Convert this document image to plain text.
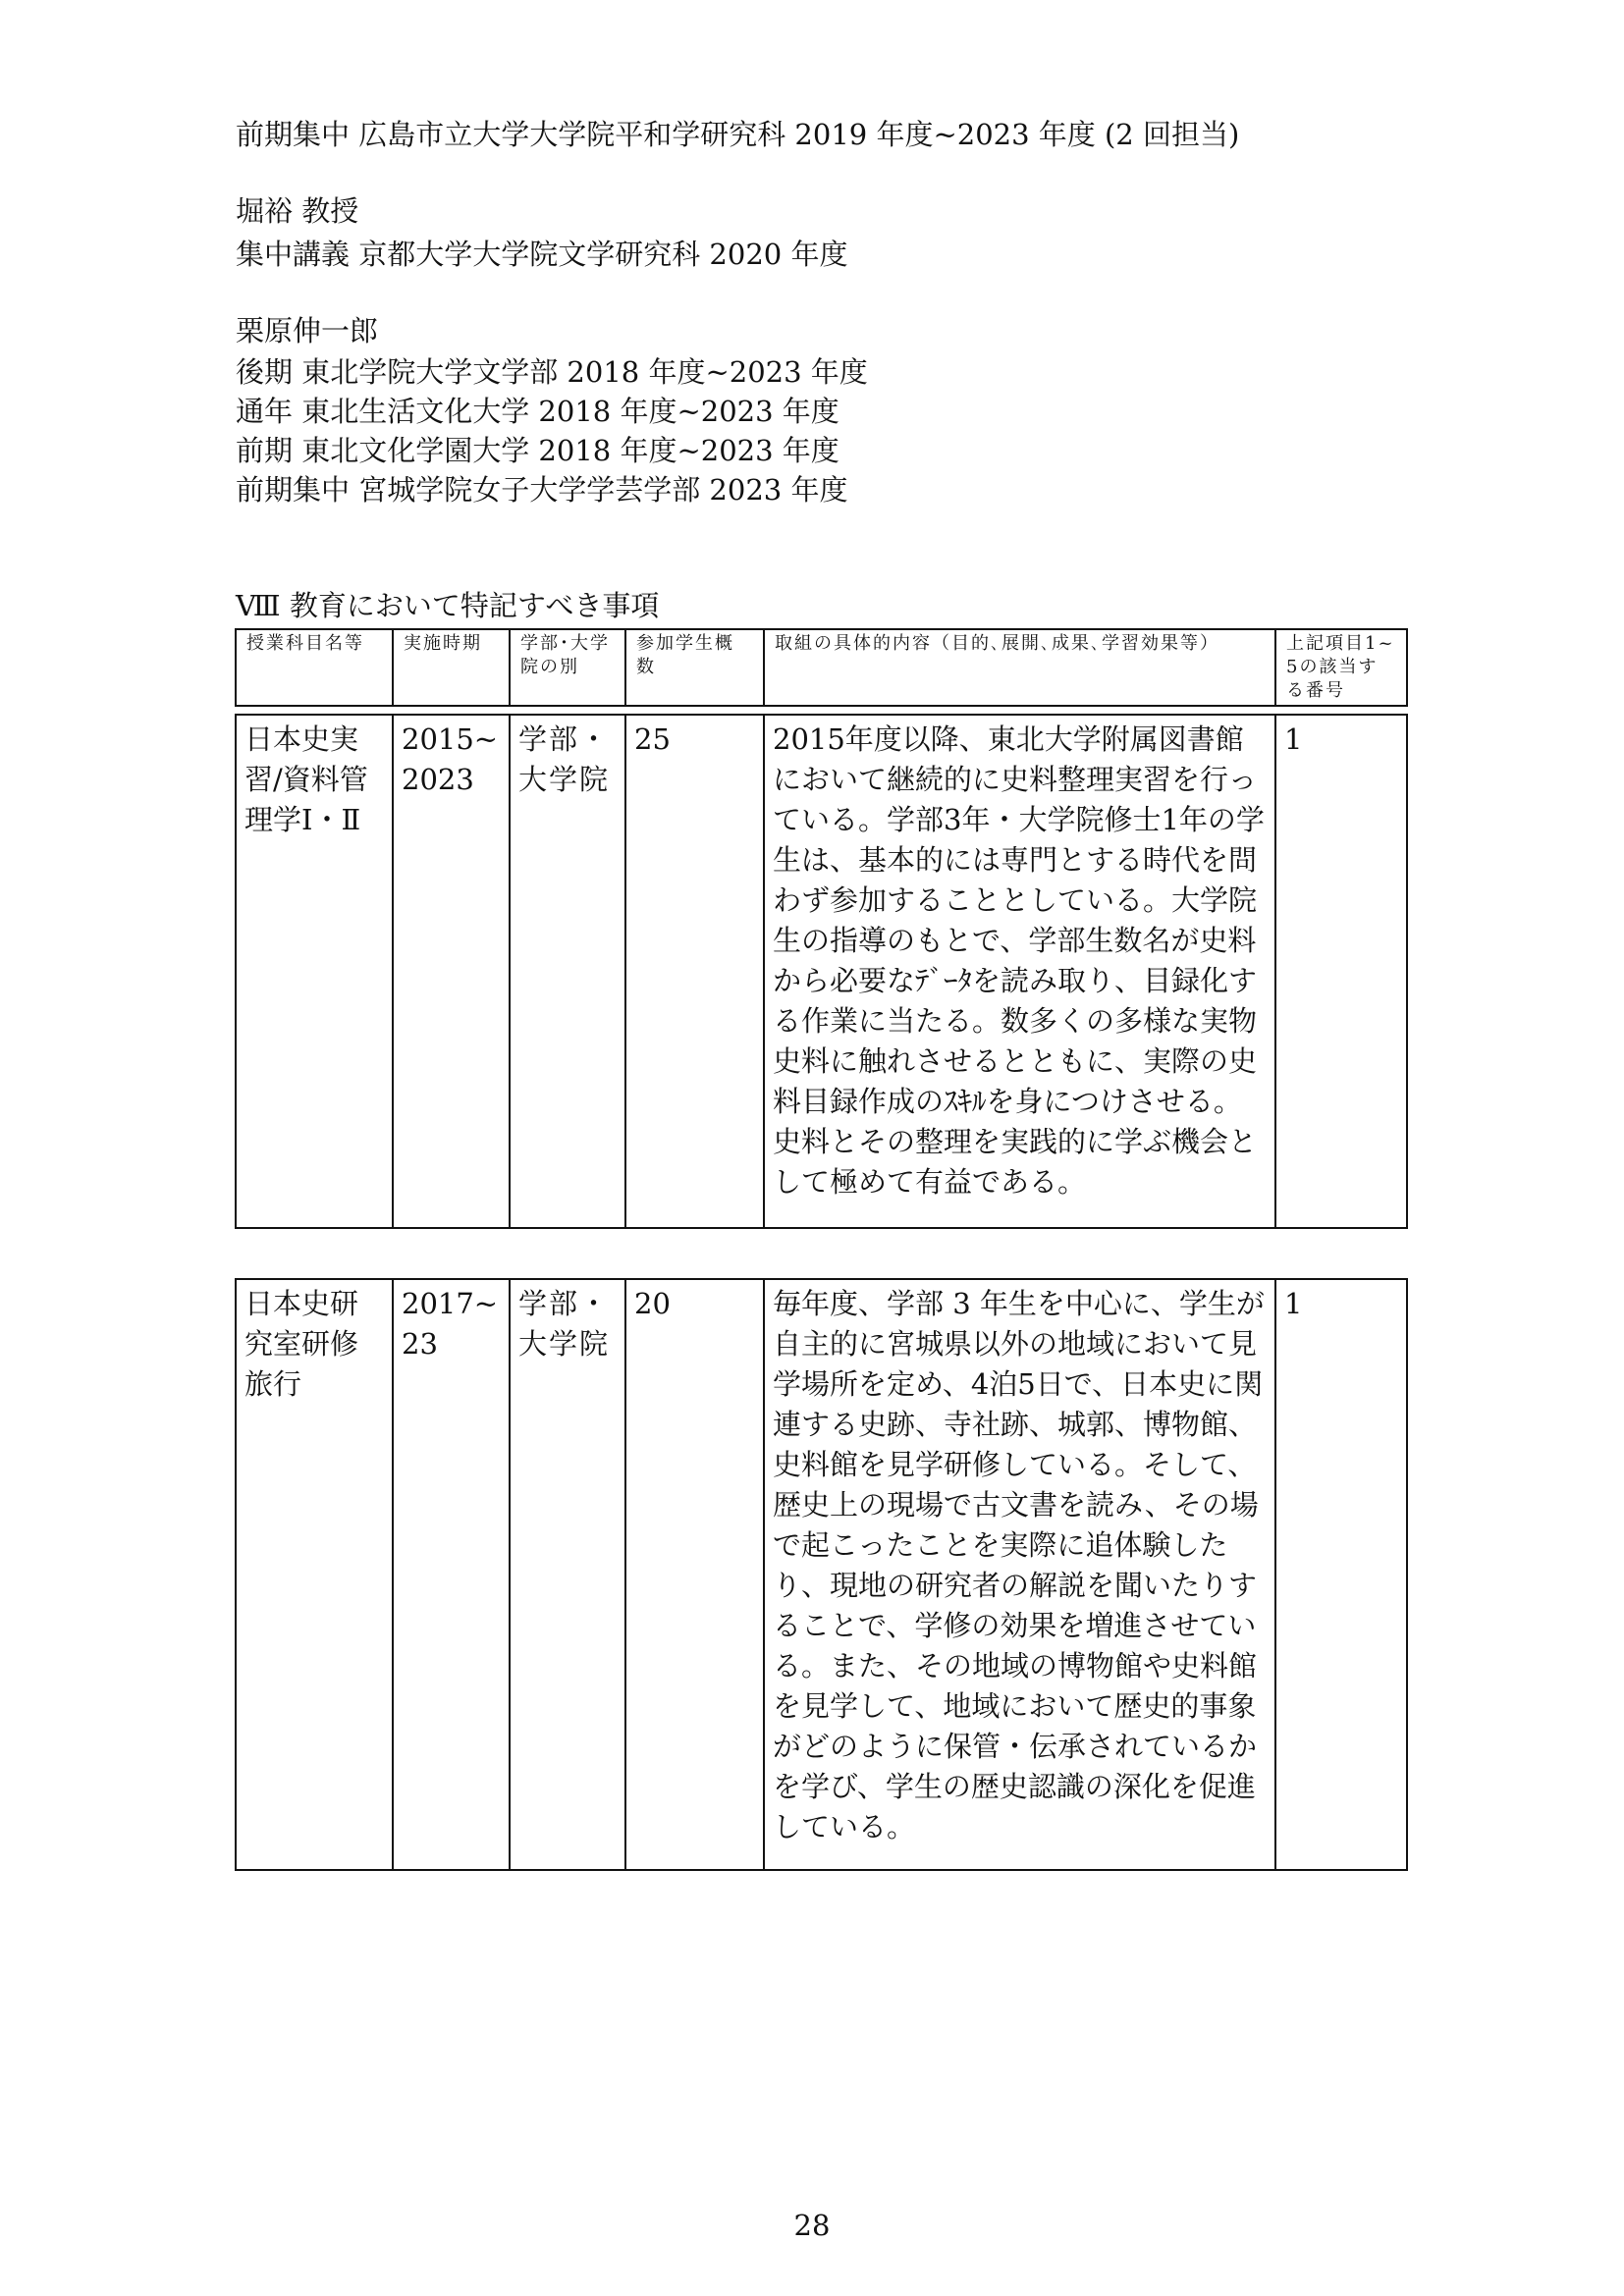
前期集中 広島市立大学大学院平和学研究科 2019 年度~2023 年度 (2 回担当)
堀裕 教授
集中講義 京都大学大学院文学研究科 2020 年度
栗原伸一郎
後期 東北学院大学文学部 2018 年度~2023 年度
通年 東北生活文化大学 2018 年度~2023 年度
前期 東北文化学園大学 2018 年度~2023 年度
前期集中 宮城学院女子大学学芸学部 2023 年度
Ⅷ 教育において特記すべき事項
授業科目名等	実施時期	学部･大学院の別	参加学生概数	取組の具体的内容（目的､展開､成果､学習効果等）	上記項目1~5の該当する番号
日本史実習/資料管理学Ⅰ・Ⅱ	2015~2023	学部・大学院	25	2015年度以降、東北大学附属図書館において継続的に史料整理実習を行っている。学部3年・大学院修士1年の学生は、基本的には専門とする時代を問わず参加することとしている。大学院生の指導のもとで、学部生数名が史料から必要なﾃﾞｰﾀを読み取り、目録化する作業に当たる。数多くの多様な実物史料に触れさせるとともに、実際の史料目録作成のｽｷﾙを身につけさせる。史料とその整理を実践的に学ぶ機会として極めて有益である。	1
日本史研究室研修旅行	2017~23	学部・大学院	20	毎年度、学部 3 年生を中心に、学生が自主的に宮城県以外の地域において見学場所を定め、4泊5日で、日本史に関連する史跡、寺社跡、城郭、博物館、史料館を見学研修している。そして、歴史上の現場で古文書を読み、その場で起こったことを実際に追体験したり、現地の研究者の解説を聞いたりすることで、学修の効果を増進させている。また、その地域の博物館や史料館を見学して、地域において歴史的事象がどのように保管・伝承されているかを学び、学生の歴史認識の深化を促進している。	1
28
